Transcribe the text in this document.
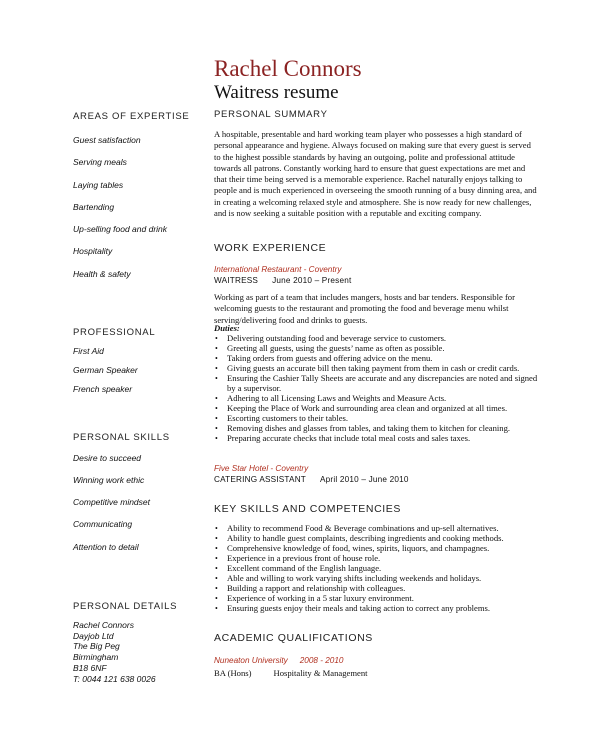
Rachel Connors
Waitress resume
AREAS OF EXPERTISE
Guest satisfaction
Serving meals
Laying tables
Bartending
Up-selling food and drink
Hospitality
Health & safety
PROFESSIONAL
First Aid
German Speaker
French speaker
PERSONAL SKILLS
Desire to succeed
Winning work ethic
Competitive mindset
Communicating
Attention to detail
PERSONAL DETAILS
Rachel Connors
Dayjob Ltd
The Big Peg
Birmingham
B18 6NF
T: 0044 121 638 0026
PERSONAL SUMMARY
A hospitable, presentable and hard working team player who possesses a high standard of personal appearance and hygiene. Always focused on making sure that every guest is served to the highest possible standards by having an outgoing, polite and professional attitude towards all patrons. Constantly working hard to ensure that guest expectations are met and that their time being served is a memorable experience. Rachel naturally enjoys talking to people and is much experienced in overseeing the smooth running of a busy dinning area, and in creating a welcoming relaxed style and atmosphere. She is now ready for new challenges, and is now seeking a suitable position with a reputable and exciting company.
WORK EXPERIENCE
International Restaurant - Coventry
WAITRESS June 2010 – Present
Working as part of a team that includes mangers, hosts and bar tenders. Responsible for welcoming guests to the restaurant and promoting the food and beverage menu whilst serving/delivering food and drinks to guests.
Duties:
• Delivering outstanding food and beverage service to customers.
• Greeting all guests, using the guests’ name as often as possible.
• Taking orders from guests and offering advice on the menu.
• Giving guests an accurate bill then taking payment from them in cash or credit cards.
• Ensuring the Cashier Tally Sheets are accurate and any discrepancies are noted and signed by a supervisor.
• Adhering to all Licensing Laws and Weights and Measure Acts.
• Keeping the Place of Work and surrounding area clean and organized at all times.
• Escorting customers to their tables.
• Removing dishes and glasses from tables, and taking them to kitchen for cleaning.
• Preparing accurate checks that include total meal costs and sales taxes.
Five Star Hotel - Coventry
CATERING ASSISTANT April 2010 – June 2010
KEY SKILLS AND COMPETENCIES
• Ability to recommend Food & Beverage combinations and up-sell alternatives.
• Ability to handle guest complaints, describing ingredients and cooking methods.
• Comprehensive knowledge of food, wines, spirits, liquors, and champagnes.
• Experience in a previous front of house role.
• Excellent command of the English language.
• Able and willing to work varying shifts including weekends and holidays.
• Building a rapport and relationship with colleagues.
• Experience of working in a 5 star luxury environment.
• Ensuring guests enjoy their meals and taking action to correct any problems.
ACADEMIC QUALIFICATIONS
Nuneaton University 2008 - 2010
BA (Hons)	Hospitality & Management
